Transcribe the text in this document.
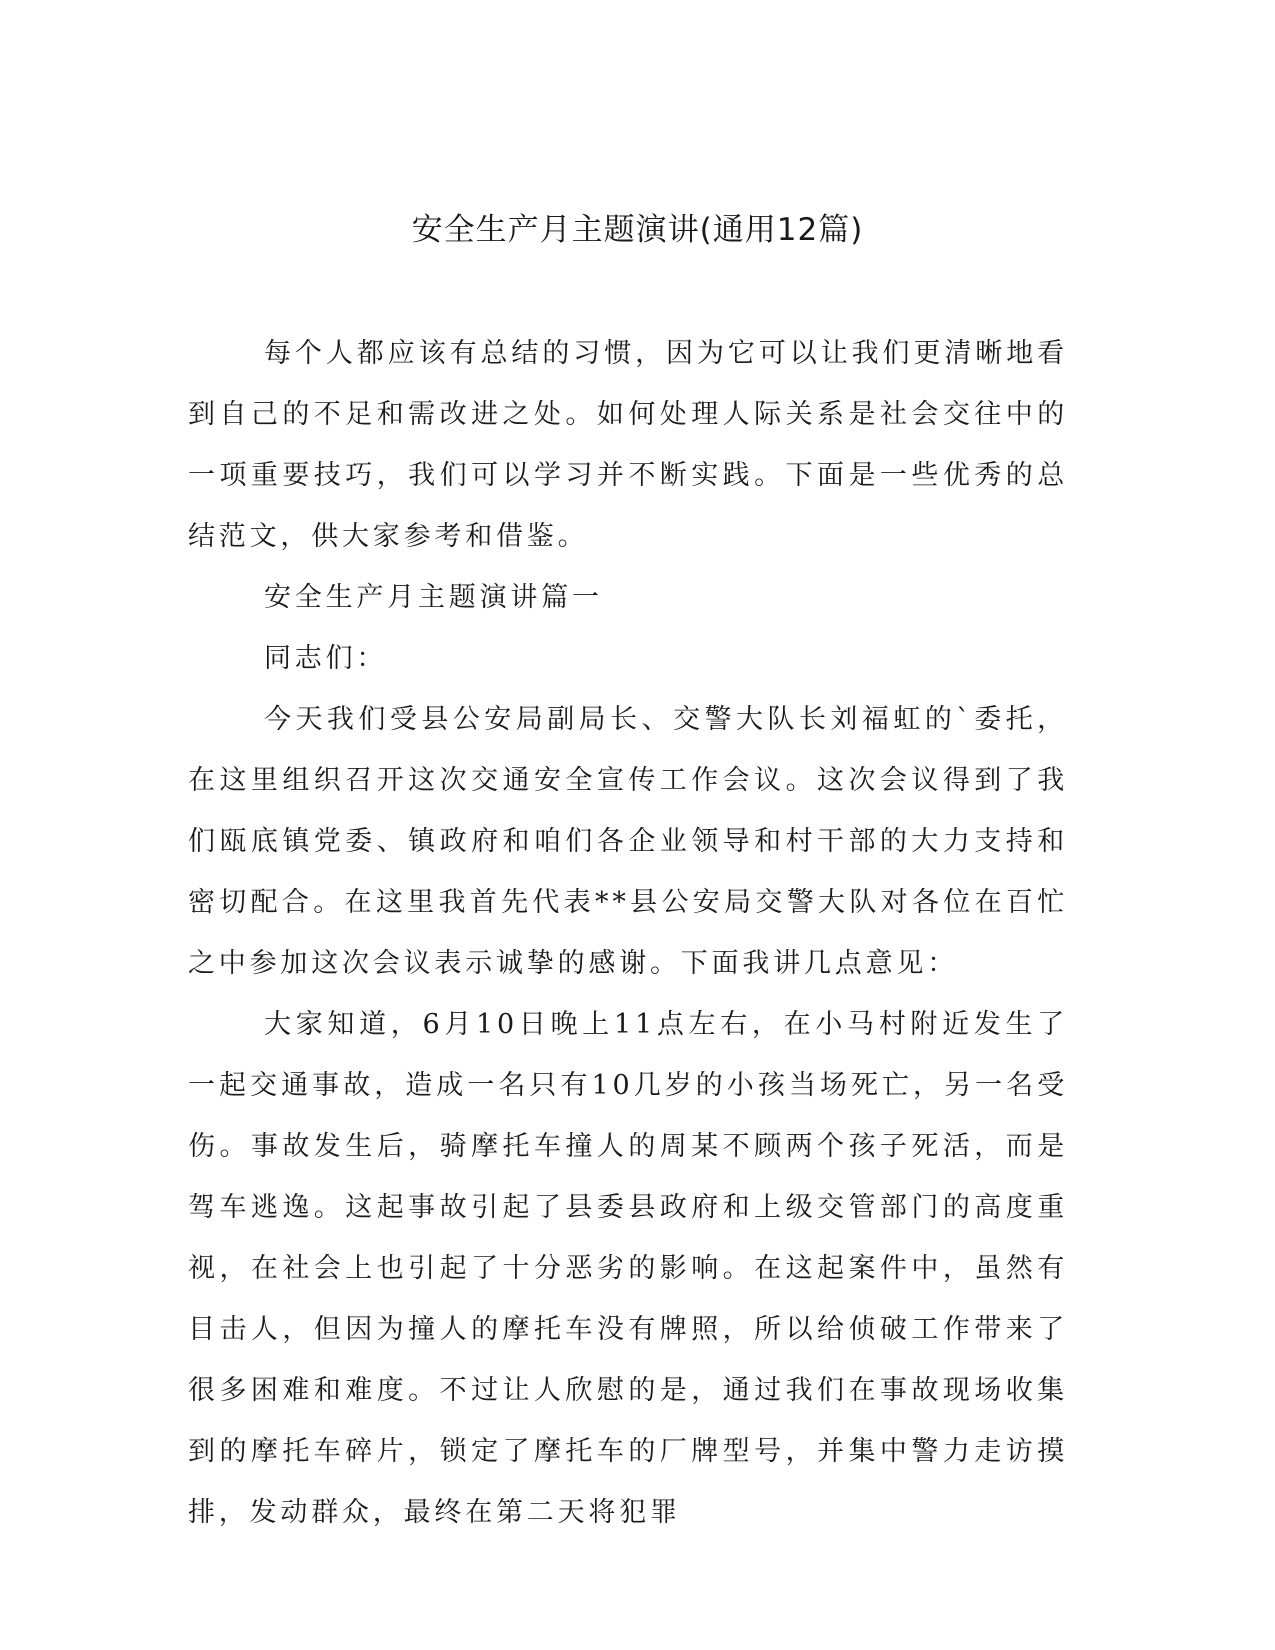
安全生产月主题演讲(通用12篇)

每个人都应该有总结的习惯，因为它可以让我们更清晰地看到自己的不足和需改进之处。如何处理人际关系是社会交往中的一项重要技巧，我们可以学习并不断实践。下面是一些优秀的总结范文，供大家参考和借鉴。

安全生产月主题演讲篇一

同志们：

今天我们受县公安局副局长、交警大队长刘福虹的`委托，在这里组织召开这次交通安全宣传工作会议。这次会议得到了我们瓯底镇党委、镇政府和咱们各企业领导和村干部的大力支持和密切配合。在这里我首先代表**县公安局交警大队对各位在百忙之中参加这次会议表示诚挚的感谢。下面我讲几点意见：

大家知道，6月10日晚上11点左右，在小马村附近发生了一起交通事故，造成一名只有10几岁的小孩当场死亡，另一名受伤。事故发生后，骑摩托车撞人的周某不顾两个孩子死活，而是驾车逃逸。这起事故引起了县委县政府和上级交管部门的高度重视，在社会上也引起了十分恶劣的影响。在这起案件中，虽然有目击人，但因为撞人的摩托车没有牌照，所以给侦破工作带来了很多困难和难度。不过让人欣慰的是，通过我们在事故现场收集到的摩托车碎片，锁定了摩托车的厂牌型号，并集中警力走访摸排，发动群众，最终在第二天将犯罪
